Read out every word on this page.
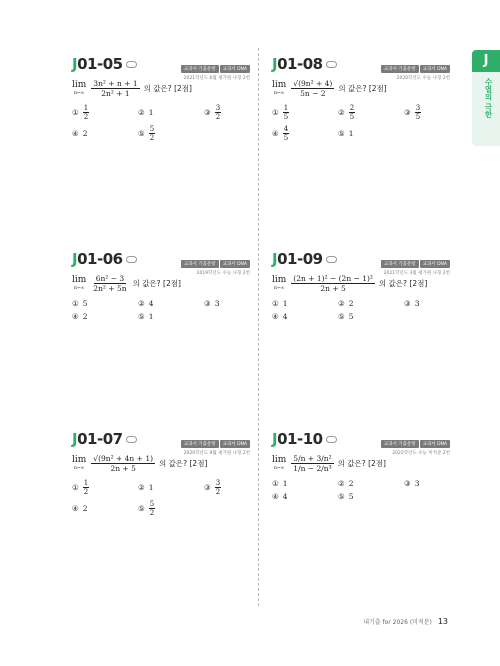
J
수열의 극한
교과서 기출문항 교과서 DNA
2021학년도 6월 평가원 나형 2번
J01-05
lim
$n\to\infty \frac{\text{3n² + n + 1}}{\text{2n² + 1}}$ 의 값은? [2점]
① $\frac{1}{2}$	② 1	③ $\frac{3}{2}$
④ 2	⑤ $\frac{5}{2}$
교과서 기출문항 교과서 DNA
2020학년도 수능 나형 2번
J01-08
lim
$n\to\infty \frac{\text{√(9n² + 4)}}{5n - 2}$ 의 값은? [2점]
① $\frac{1}{5}$	② $\frac{2}{5}$	③ $\frac{3}{5}$
④ $\frac{4}{5}$	⑤ 1
교과서 기출문항 교과서 DNA
2019학년도 수능 나형 2번
J01-06
lim
$n\to\infty \frac{\text{6n² − 3}}{\text{2n² + 5n}}$ 의 값은? [2점]
① 5	② 4	③ 3
④ 2	⑤ 1
교과서 기출문항 교과서 DNA
2021학년도 3월 평가원 나형 2번
J01-09
lim
$n\to\infty \frac{\text{(2n + 1)² − (2n − 1)²}}{2n + 5}$ 의 값은? [2점]
① 1	② 2	③ 3
④ 4	⑤ 5
교과서 기출문항 교과서 DNA
2020학년도 9월 평가원 나형 2번
J01-07
lim
$n\to\infty \frac{\text{√(9n² + 4n + 1)}}{2n + 5}$ 의 값은? [2점]
① $\frac{1}{2}$	② 1	③ $\frac{3}{2}$
④ 2	⑤ $\frac{5}{2}$
교과서 기출문항 교과서 DNA
2022학년도 수능 미적분 2번
J01-10
lim
$n\to\infty \frac{\text{5/n + 3/n²}}{\text{1/n − 2/n³}}$ 의 값은? [2점]
① 1	② 2	③ 3
④ 4	⑤ 5
내기출 for 2026 (미적분) 13
